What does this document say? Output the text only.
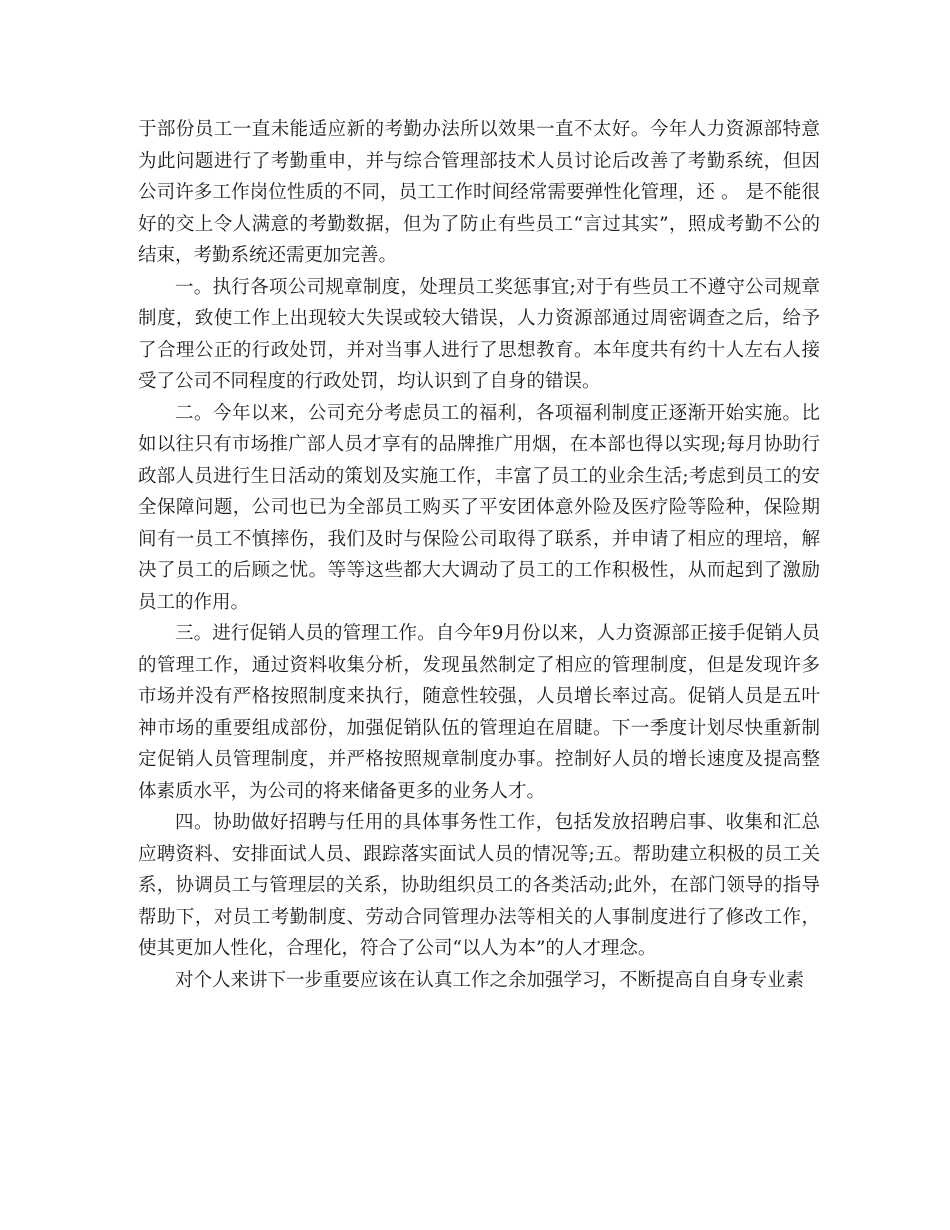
于部份员工一直未能适应新的考勤办法所以效果一直不太好。今年人力资源部特意为此问题进行了考勤重申，并与综合管理部技术人员讨论后改善了考勤系统，但因公司许多工作岗位性质的不同，员工工作时间经常需要弹性化管理，还 。 是不能很好的交上令人满意的考勤数据，但为了防止有些员工“言过其实”，照成考勤不公的结束，考勤系统还需更加完善。

一。执行各项公司规章制度，处理员工奖惩事宜;对于有些员工不遵守公司规章制度，致使工作上出现较大失误或较大错误，人力资源部通过周密调查之后，给予了合理公正的行政处罚，并对当事人进行了思想教育。本年度共有约十人左右人接受了公司不同程度的行政处罚，均认识到了自身的错误。

二。今年以来，公司充分考虑员工的福利，各项福利制度正逐渐开始实施。比如以往只有市场推广部人员才享有的品牌推广用烟，在本部也得以实现;每月协助行政部人员进行生日活动的策划及实施工作，丰富了员工的业余生活;考虑到员工的安全保障问题，公司也已为全部员工购买了平安团体意外险及医疗险等险种，保险期间有一员工不慎摔伤，我们及时与保险公司取得了联系，并申请了相应的理培，解决了员工的后顾之忧。等等这些都大大调动了员工的工作积极性，从而起到了激励员工的作用。

三。进行促销人员的管理工作。自今年9月份以来，人力资源部正接手促销人员的管理工作，通过资料收集分析，发现虽然制定了相应的管理制度，但是发现许多市场并没有严格按照制度来执行，随意性较强，人员增长率过高。促销人员是五叶神市场的重要组成部份，加强促销队伍的管理迫在眉睫。下一季度计划尽快重新制定促销人员管理制度，并严格按照规章制度办事。控制好人员的增长速度及提高整体素质水平，为公司的将来储备更多的业务人才。

四。协助做好招聘与任用的具体事务性工作，包括发放招聘启事、收集和汇总应聘资料、安排面试人员、跟踪落实面试人员的情况等;五。帮助建立积极的员工关系，协调员工与管理层的关系，协助组织员工的各类活动;此外，在部门领导的指导帮助下，对员工考勤制度、劳动合同管理办法等相关的人事制度进行了修改工作，使其更加人性化，合理化，符合了公司“以人为本”的人才理念。

对个人来讲下一步重要应该在认真工作之余加强学习，不断提高自自身专业素
